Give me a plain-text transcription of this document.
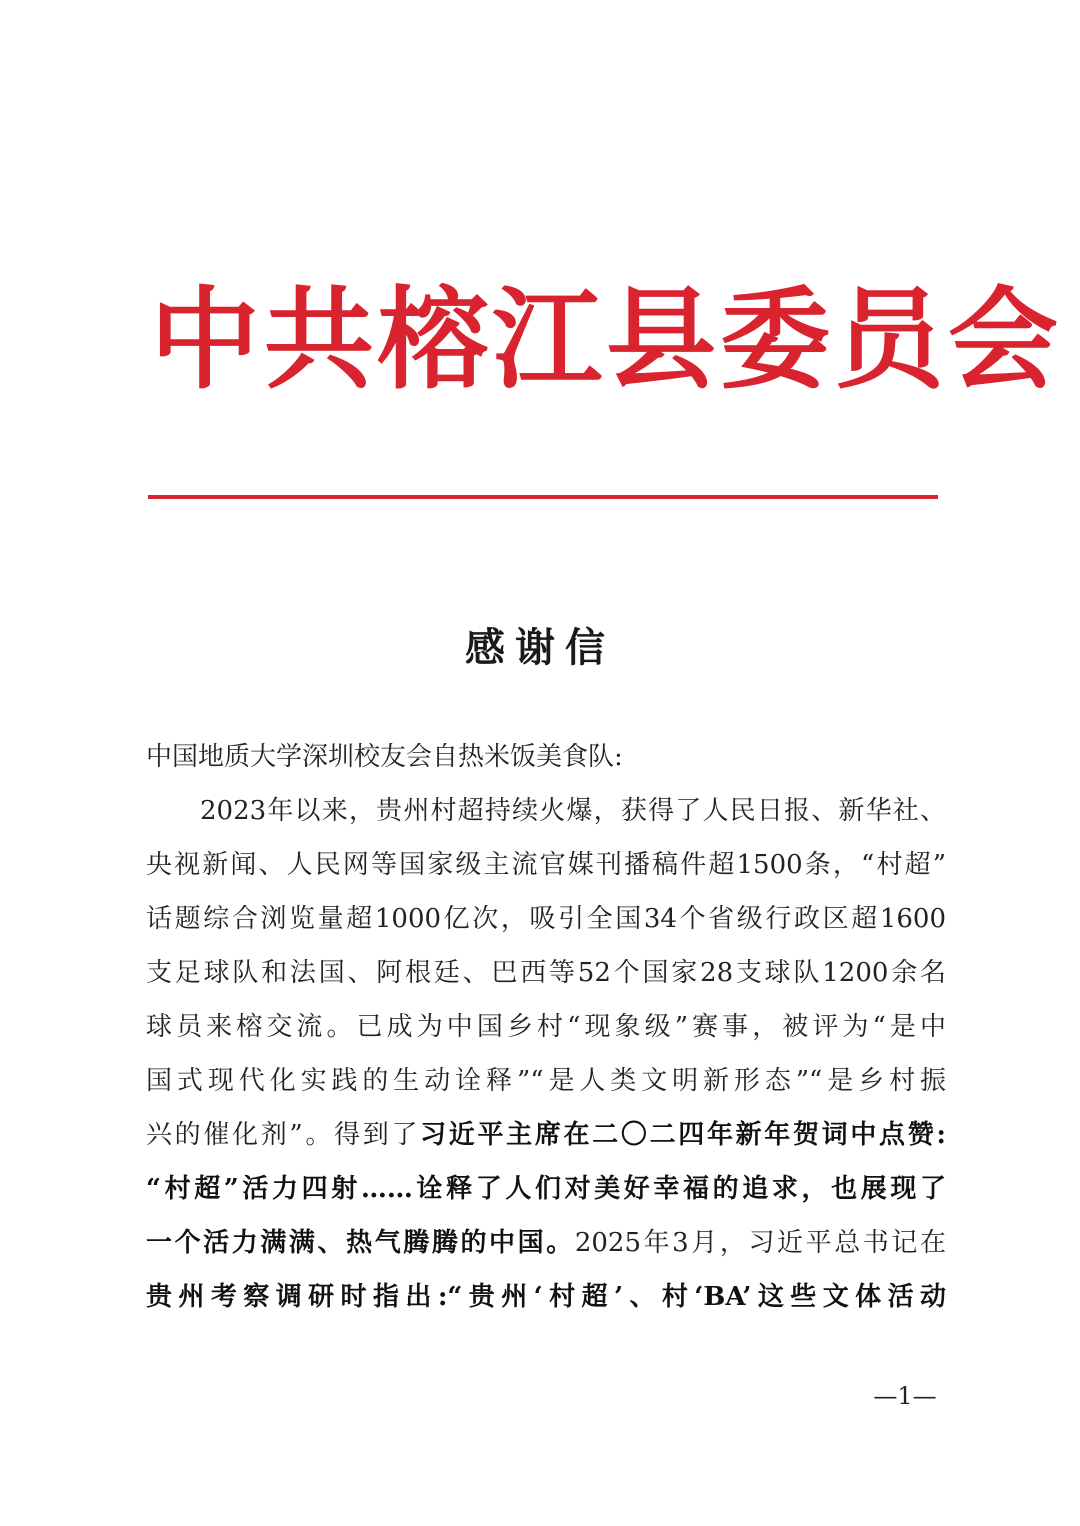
中共榕江县委员会
感谢信

中国地质大学深圳校友会自热米饭美食队:

2023年以来，贵州村超持续火爆，获得了人民日报、新华社、
央视新闻、人民网等国家级主流官媒刊播稿件超1500条，“村超”
话题综合浏览量超1000亿次，吸引全国34个省级行政区超1600
支足球队和法国、阿根廷、巴西等52个国家28支球队1200余名
球员来榕交流。已成为中国乡村“现象级”赛事，被评为“是中
国式现代化实践的生动诠释”“是人类文明新形态”“是乡村振
兴的催化剂”。得到了习近平主席在二〇二四年新年贺词中点赞:
“村超”活力四射……诠释了人们对美好幸福的追求，也展现了
一个活力满满、热气腾腾的中国。2025年3月，习近平总书记在
贵州考察调研时指出:“贵州‘村超’、村‘BA’这些文体活动

—1—
